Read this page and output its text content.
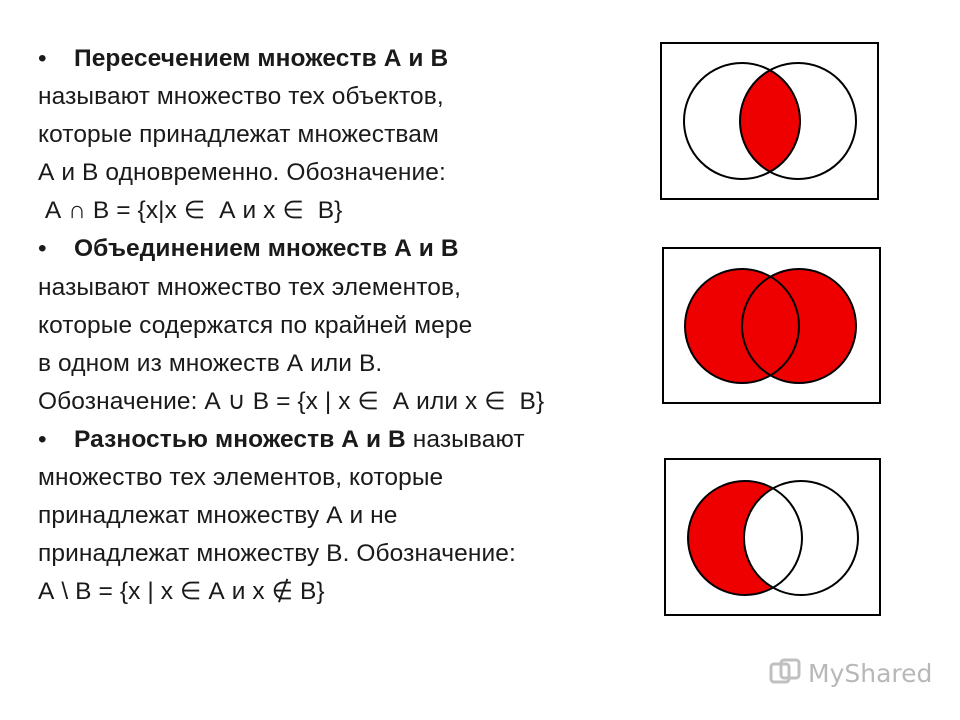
• Пересечением множеств А и В
называют множество тех объектов,
которые принадлежат множествам
А и В одновременно. Обозначение:
А ∩ В = {х|х ∈  А и х ∈  В}
• Объединением множеств А и В
называют множество тех элементов,
которые содержатся по крайней мере
в одном из множеств А или В.
Обозначение: А ∪ В = {х | х ∈  А или х ∈  В}
• Разностью множеств А и В называют
множество тех элементов, которые
принадлежат множеству А и не
принадлежат множеству В. Обозначение:
А \ В = {х | х ∈ А и х ∉ В}
MyShared
